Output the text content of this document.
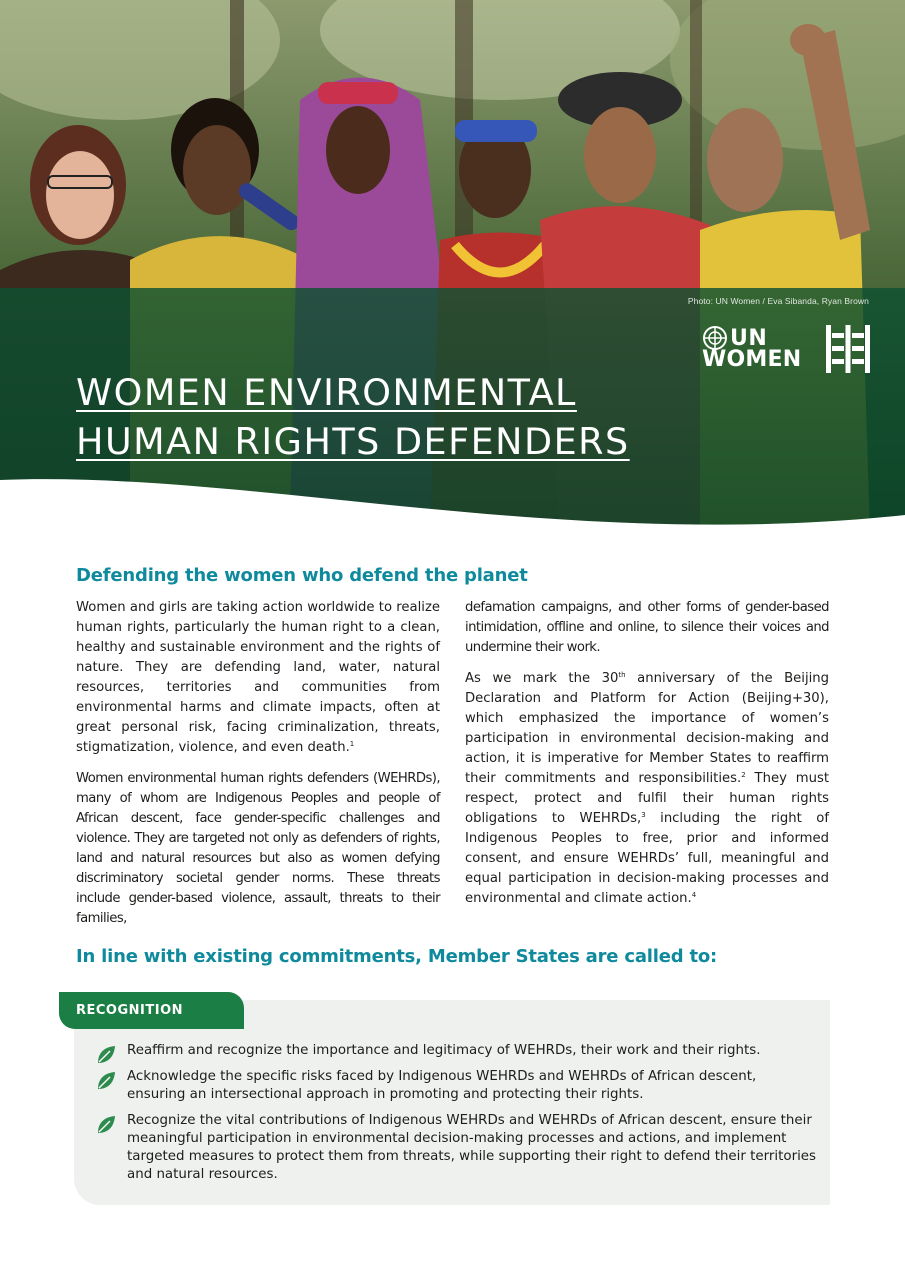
Photo: UN Women / Eva Sibanda, Ryan Brown
UN
WOMEN
WOMEN ENVIRONMENTAL
HUMAN RIGHTS DEFENDERS
Defending the women who defend the planet

Women and girls are taking action worldwide to realize human rights, particularly the human right to a clean, healthy and sustainable environment and the rights of nature. They are defending land, water, natural resources, territories and communities from environmental harms and climate impacts, often at great personal risk, facing criminalization, threats, stigmatization, violence, and even death.$^1$

Women environmental human rights defenders (WEHRDs), many of whom are Indigenous Peoples and people of African descent, face gender-specific challenges and violence. They are targeted not only as defenders of rights, land and natural resources but also as women defying discriminatory societal gender norms. These threats include gender-based violence, assault, threats to their families,

defamation campaigns, and other forms of gender-based intimidation, offline and online, to silence their voices and undermine their work.

As we mark the 30th anniversary of the Beijing Declaration and Platform for Action (Beijing+30), which emphasized the importance of women’s participation in environmental decision-making and action, it is imperative for Member States to reaffirm their commitments and responsibilities.$^2$ They must respect, protect and fulfil their human rights obligations to WEHRDs,$^3$ including the right of Indigenous Peoples to free, prior and informed consent, and ensure WEHRDs’ full, meaningful and equal participation in decision-making processes and environmental and climate action.$^4$

In line with existing commitments, Member States are called to:
RECOGNITION
Reaffirm and recognize the importance and legitimacy of WEHRDs, their work and their rights.
Acknowledge the specific risks faced by Indigenous WEHRDs and WEHRDs of African descent, ensuring an intersectional approach in promoting and protecting their rights.
Recognize the vital contributions of Indigenous WEHRDs and WEHRDs of African descent, ensure their meaningful participation in environmental decision-making processes and actions, and implement targeted measures to protect them from threats, while supporting their right to defend their territories and natural resources.
